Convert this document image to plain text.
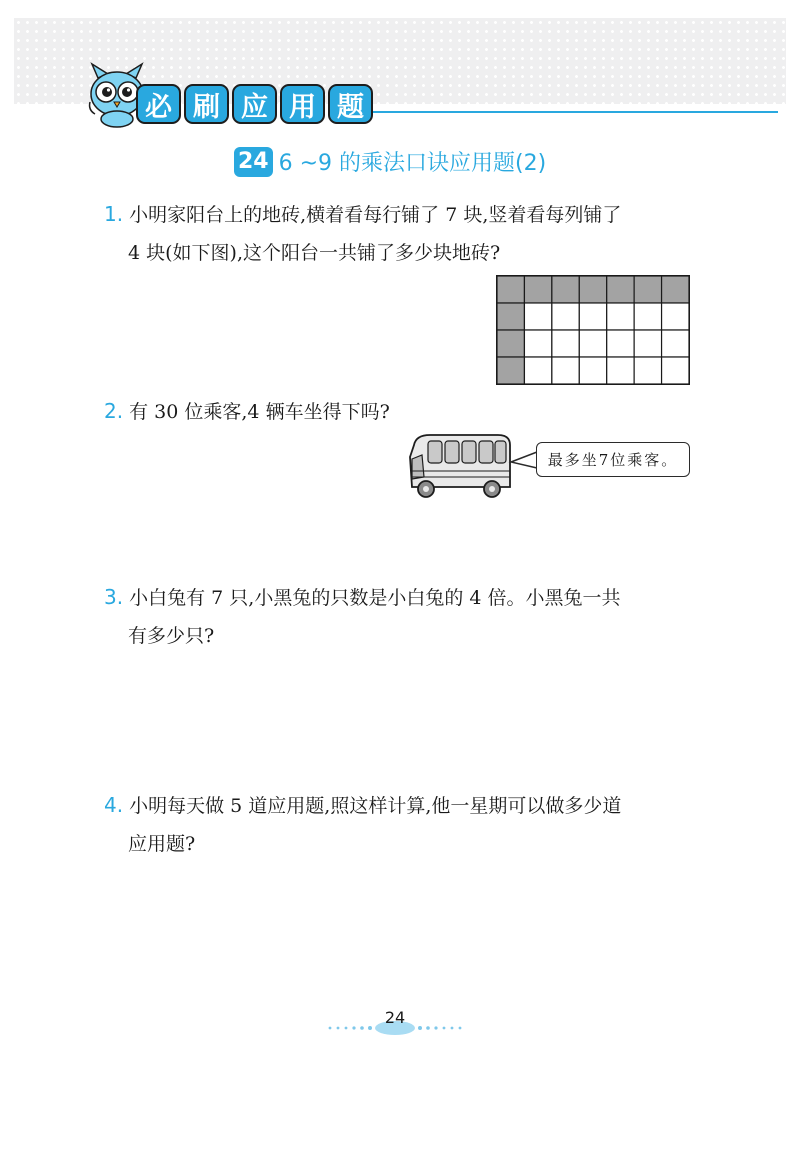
必 刷 应 用 题
24 6 ~9 的乘法口诀应用题(2)
1. 小明家阳台上的地砖,横着看每行铺了 7 块,竖着看每列铺了
4 块(如下图),这个阳台一共铺了多少块地砖?
2. 有 30 位乘客,4 辆车坐得下吗?
最多坐7位乘客。
3. 小白兔有 7 只,小黑兔的只数是小白兔的 4 倍。小黑兔一共
有多少只?
4. 小明每天做 5 道应用题,照这样计算,他一星期可以做多少道
应用题?
24
